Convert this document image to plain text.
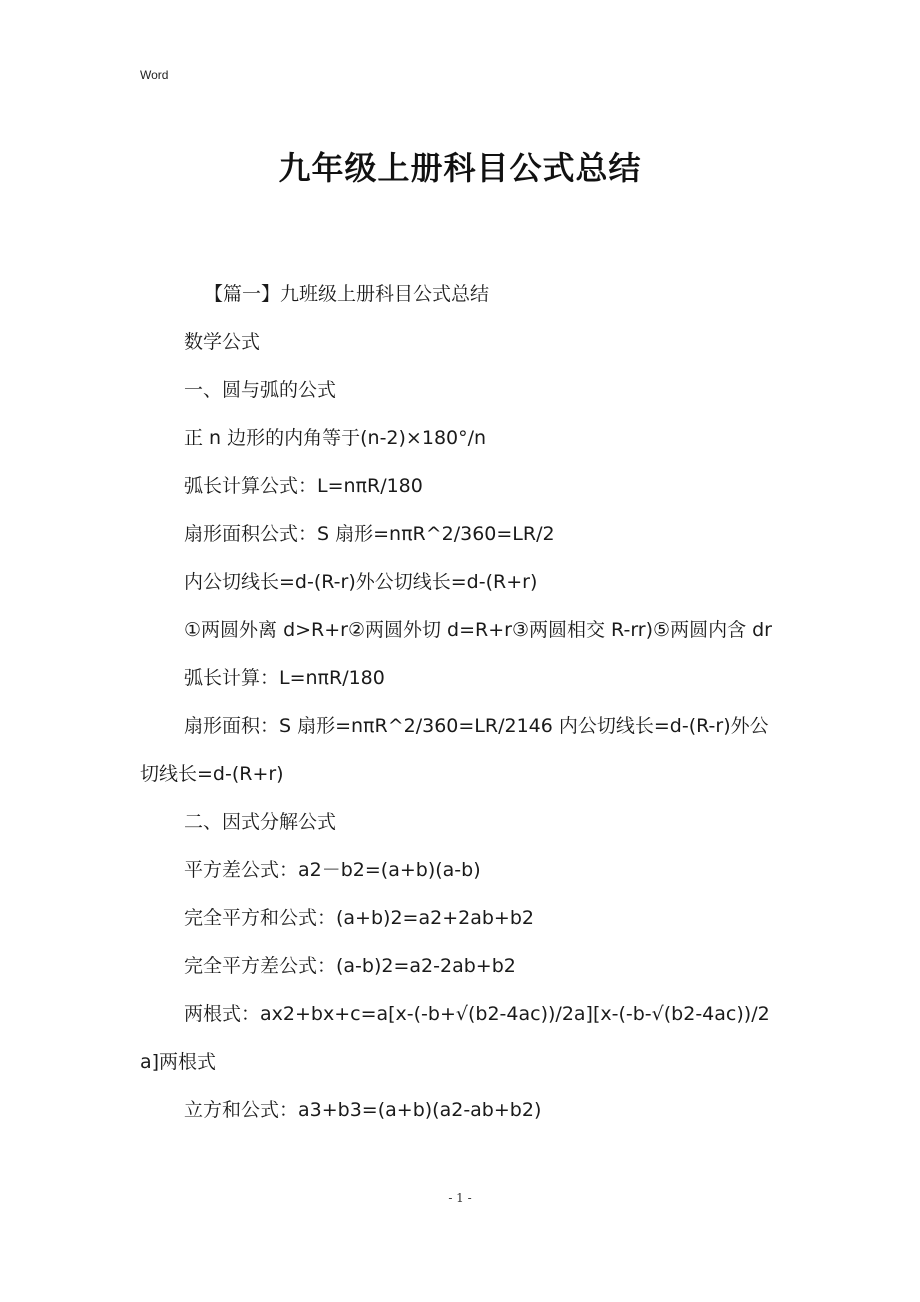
Word
九年级上册科目公式总结

【篇一】九班级上册科目公式总结

数学公式

一、圆与弧的公式

正 n 边形的内角等于(n-2)×180°/n

弧长计算公式：L=nπR/180

扇形面积公式：S 扇形=nπR^2/360=LR/2

内公切线长=d-(R-r)外公切线长=d-(R+r)

①两圆外离 d>R+r②两圆外切 d=R+r③两圆相交 R-rr)⑤两圆内含 dr

弧长计算：L=nπR/180

扇形面积：S 扇形=nπR^2/360=LR/2146 内公切线长=d-(R-r)外公切线长=d-(R+r)

二、因式分解公式

平方差公式：a2－b2=(a+b)(a-b)

完全平方和公式：(a+b)2=a2+2ab+b2

完全平方差公式：(a-b)2=a2-2ab+b2

两根式：ax2+bx+c=a[x-(-b+√(b2-4ac))/2a][x-(-b-√(b2-4ac))/2a]两根式

立方和公式：a3+b3=(a+b)(a2-ab+b2)

- 1 -
